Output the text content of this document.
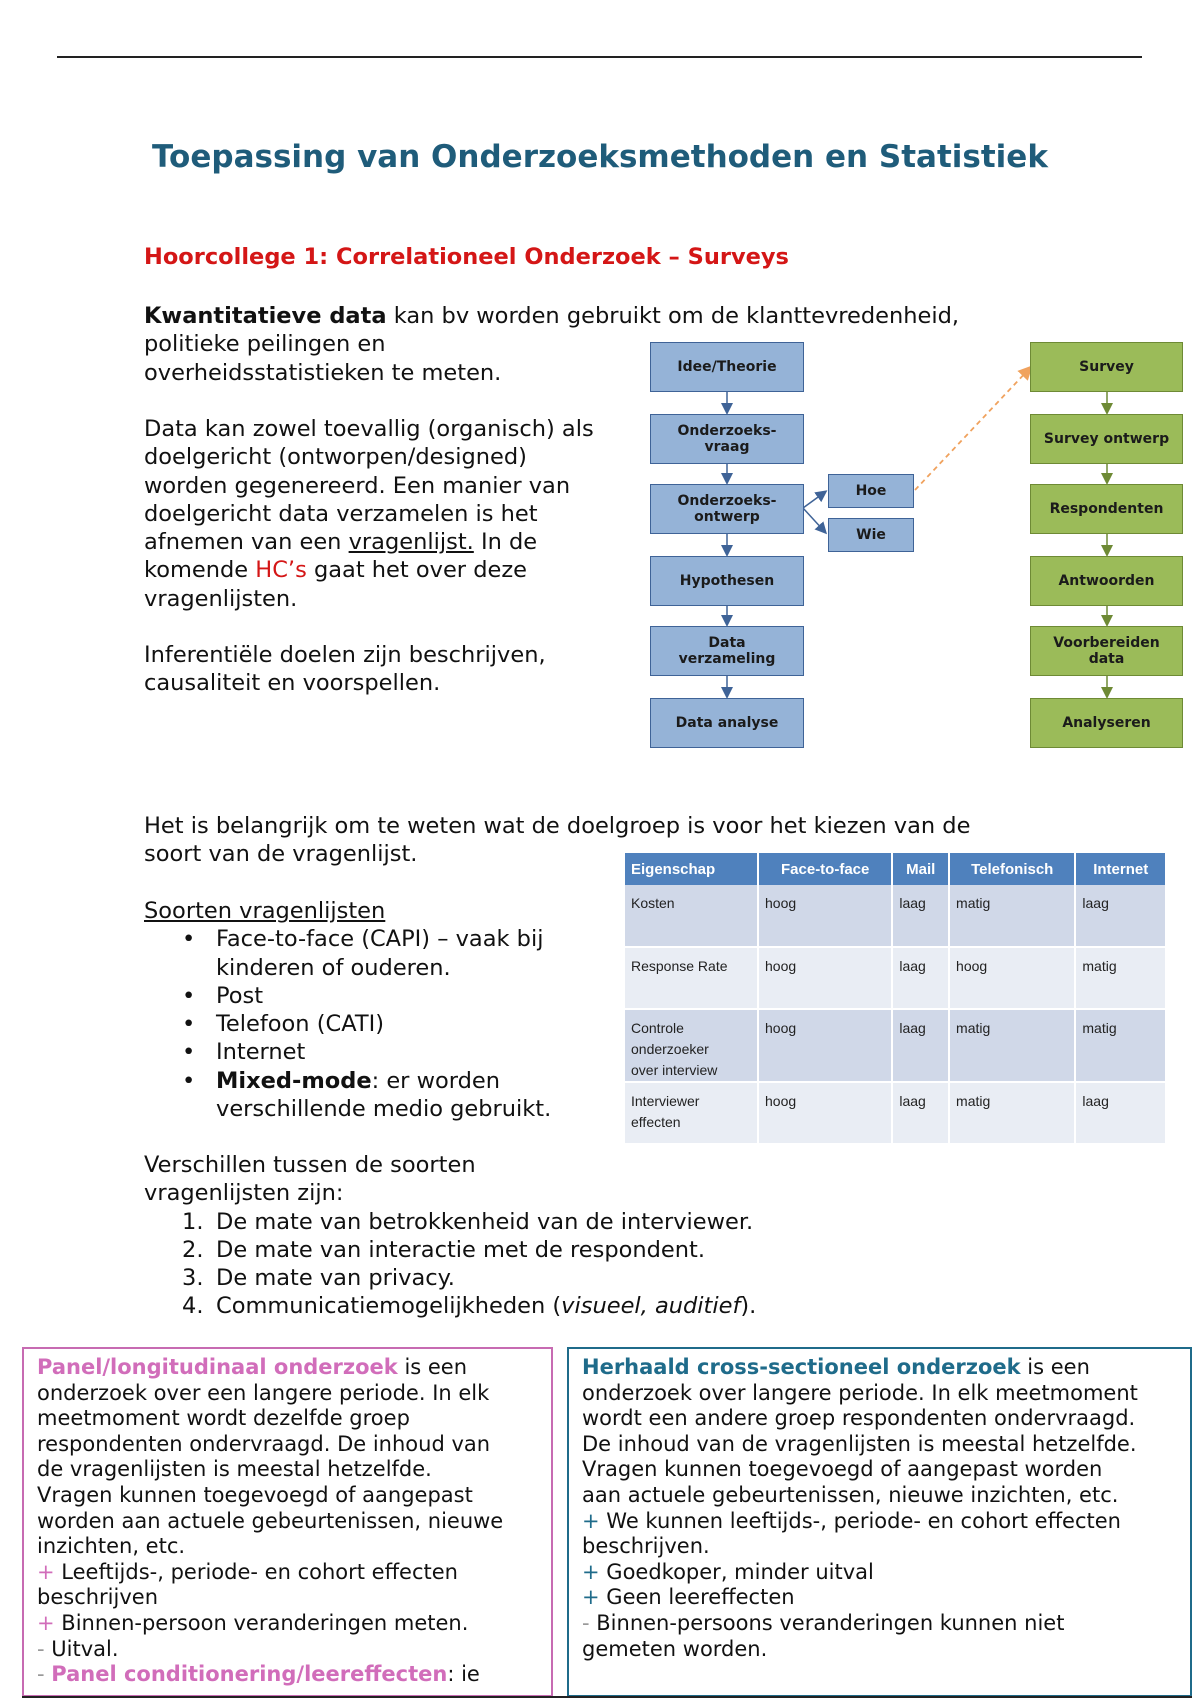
Toepassing van Onderzoeksmethoden en Statistiek
Hoorcollege 1: Correlationeel Onderzoek – Surveys
Kwantitatieve data kan bv worden gebruikt om de klanttevredenheid,
politieke peilingen en
overheidsstatistieken te meten.
Data kan zowel toevallig (organisch) als
doelgericht (ontworpen/designed)
worden gegenereerd. Een manier van
doelgericht data verzamelen is het
afnemen van een vragenlijst. In de
komende HC’s gaat het over deze
vragenlijsten.
Inferentiële doelen zijn beschrijven,
causaliteit en voorspellen.
Idee/Theorie
Onderzoeks-
vraag
Onderzoeks-
ontwerp
Hypothesen
Data
verzameling
Data analyse
Hoe
Wie
Survey
Survey ontwerp
Respondenten
Antwoorden
Voorbereiden
data
Analyseren
Het is belangrijk om te weten wat de doelgroep is voor het kiezen van de
soort van de vragenlijst.
Soorten vragenlijsten
• Face-to-face (CAPI) – vaak bij
kinderen of ouderen.
• Post
• Telefoon (CATI)
• Internet
• Mixed-mode: er worden
verschillende medio gebruikt.
Eigenschap	Face-to-face	Mail	Telefonisch	Internet
Kosten	hoog	laag	matig	laag
Response Rate	hoog	laag	hoog	matig
Controle
onderzoeker
over interview	hoog	laag	matig	matig
Interviewer
effecten	hoog	laag	matig	laag
Verschillen tussen de soorten
vragenlijsten zijn:
1. De mate van betrokkenheid van de interviewer.
2. De mate van interactie met de respondent.
3. De mate van privacy.
4. Communicatiemogelijkheden (visueel, auditief).
Panel/longitudinaal onderzoek is een
onderzoek over een langere periode. In elk
meetmoment wordt dezelfde groep
respondenten ondervraagd. De inhoud van
de vragenlijsten is meestal hetzelfde.
Vragen kunnen toegevoegd of aangepast
worden aan actuele gebeurtenissen, nieuwe
inzichten, etc.
+ Leeftijds-, periode- en cohort effecten
beschrijven
+ Binnen-persoon veranderingen meten.
- Uitval.
- Panel conditionering/leereffecten: ie
Herhaald cross-sectioneel onderzoek is een
onderzoek over langere periode. In elk meetmoment
wordt een andere groep respondenten ondervraagd.
De inhoud van de vragenlijsten is meestal hetzelfde.
Vragen kunnen toegevoegd of aangepast worden
aan actuele gebeurtenissen, nieuwe inzichten, etc.
+ We kunnen leeftijds-, periode- en cohort effecten
beschrijven.
+ Goedkoper, minder uitval
+ Geen leereffecten
- Binnen-persoons veranderingen kunnen niet
gemeten worden.
